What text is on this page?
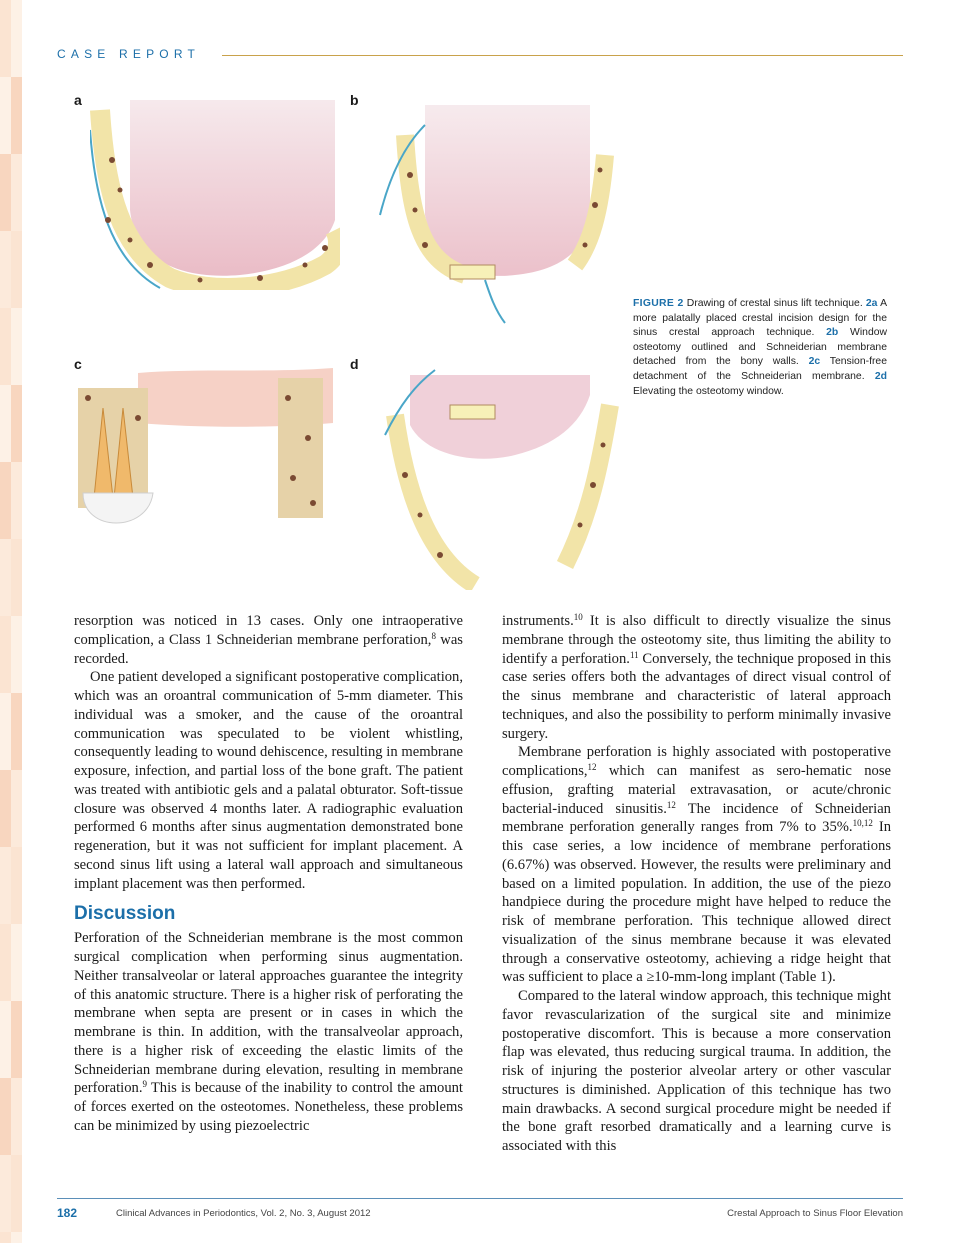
CASE REPORT
a	b
c	d
FIGURE 2 Drawing of crestal sinus lift technique. 2a A more palatally placed crestal incision design for the sinus crestal approach technique. 2b Window osteotomy outlined and Schneiderian membrane detached from the bony walls. 2c Tension-free detachment of the Schneiderian membrane. 2d Elevating the osteotomy window.

resorption was noticed in 13 cases. Only one intraoperative complication, a Class 1 Schneiderian membrane perforation,$^8$ was recorded.

One patient developed a significant postoperative complication, which was an oroantral communication of 5-mm diameter. This individual was a smoker, and the cause of the oroantral communication was speculated to be violent whistling, consequently leading to wound dehiscence, resulting in membrane exposure, infection, and partial loss of the bone graft. The patient was treated with antibiotic gels and a palatal obturator. Soft-tissue closure was observed 4 months later. A radiographic evaluation performed 6 months after sinus augmentation demonstrated bone regeneration, but it was not sufficient for implant placement. A second sinus lift using a lateral wall approach and simultaneous implant placement was then performed.

Discussion

Perforation of the Schneiderian membrane is the most common surgical complication when performing sinus augmentation. Neither transalveolar or lateral approaches guarantee the integrity of this anatomic structure. There is a higher risk of perforating the membrane when septa are present or in cases in which the membrane is thin. In addition, with the transalveolar approach, there is a higher risk of exceeding the elastic limits of the Schneiderian membrane during elevation, resulting in membrane perforation.$^9$ This is because of the inability to control the amount of forces exerted on the osteotomes. Nonetheless, these problems can be minimized by using piezoelectric

instruments.$^{10}$ It is also difficult to directly visualize the sinus membrane through the osteotomy site, thus limiting the ability to identify a perforation.$^{11}$ Conversely, the technique proposed in this case series offers both the advantages of direct visual control of the sinus membrane and characteristic of lateral approach techniques, and also the possibility to perform minimally invasive surgery.

Membrane perforation is highly associated with postoperative complications,$^{12}$ which can manifest as sero-hematic nose effusion, grafting material extravasation, or acute/chronic bacterial-induced sinusitis.$^{12}$ The incidence of Schneiderian membrane perforation generally ranges from 7% to 35%.$^{10,12}$ In this case series, a low incidence of membrane perforations (6.67%) was observed. However, the results were preliminary and based on a limited population. In addition, the use of the piezo handpiece during the procedure might have helped to reduce the risk of membrane perforation. This technique allowed direct visualization of the sinus membrane because it was elevated through a conservative osteotomy, achieving a ridge height that was sufficient to place a ≥10-mm-long implant (Table 1).

Compared to the lateral window approach, this technique might favor revascularization of the surgical site and minimize postoperative discomfort. This is because a more conservation flap was elevated, thus reducing surgical trauma. In addition, the risk of injuring the posterior alveolar artery or other vascular structures is diminished. Application of this technique has two main drawbacks. A second surgical procedure might be needed if the bone graft resorbed dramatically and a learning curve is associated with this

182	Clinical Advances in Periodontics, Vol. 2, No. 3, August 2012	Crestal Approach to Sinus Floor Elevation
